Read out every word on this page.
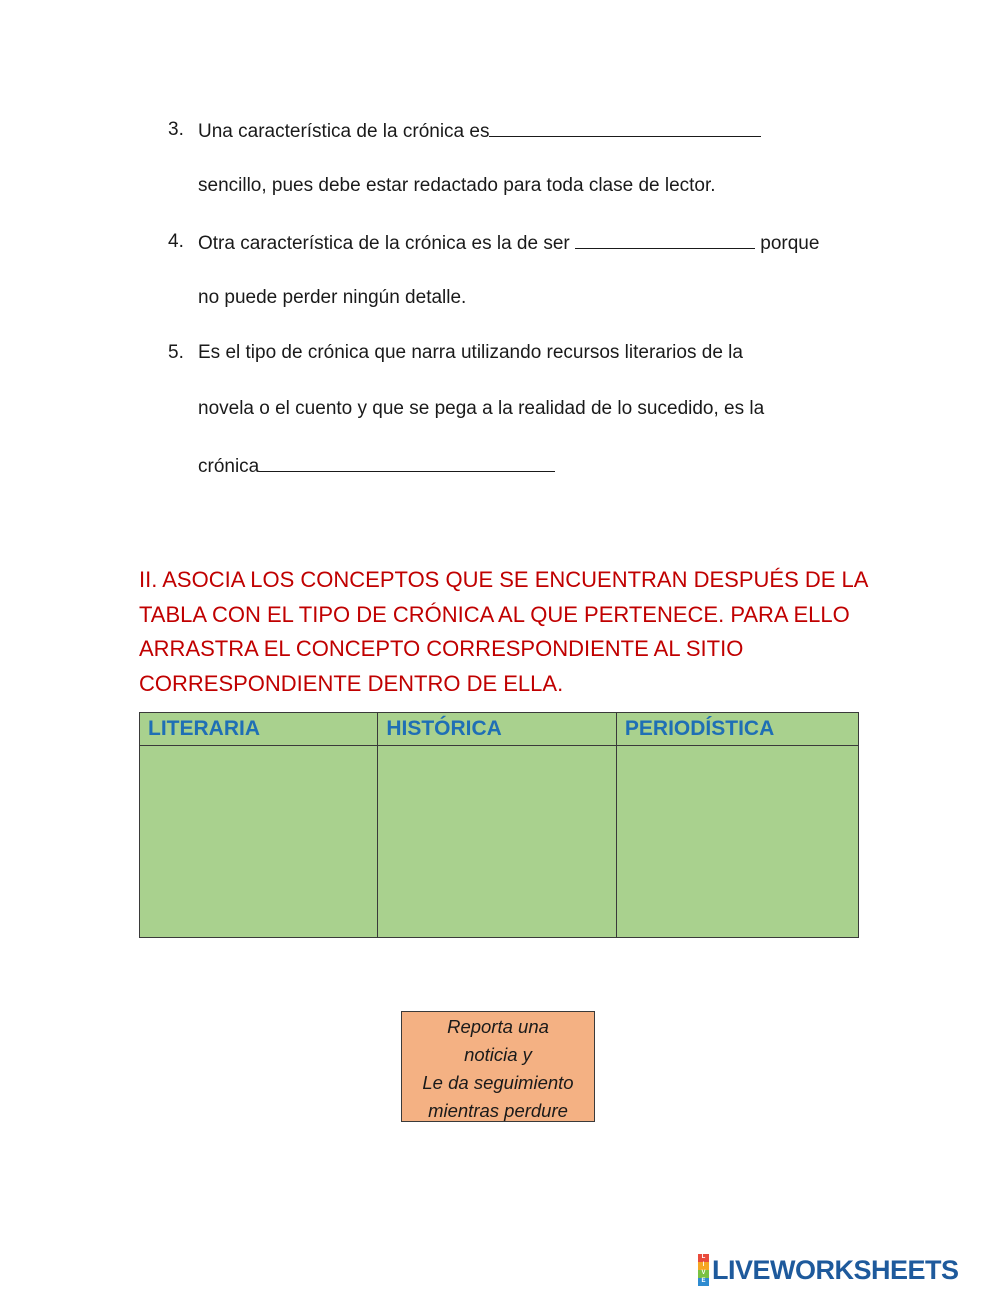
3. Una característica de la crónica es
sencillo, pues debe estar redactado para toda clase de lector.
4. Otra característica de la crónica es la de ser	porque
no puede perder ningún detalle.
5. Es el tipo de crónica que narra utilizando recursos literarios de la
novela o el cuento y que se pega a la realidad de lo sucedido, es la
crónica
II. ASOCIA LOS CONCEPTOS QUE SE ENCUENTRAN DESPUÉS DE LA
TABLA CON EL TIPO DE CRÓNICA AL QUE PERTENECE. PARA ELLO
ARRASTRA EL CONCEPTO CORRESPONDIENTE AL SITIO
CORRESPONDIENTE DENTRO DE ELLA.
LITERARIA	HISTÓRICA	PERIODÍSTICA

Reporta una
noticia y
Le da seguimiento
mientras perdure
L
I
V
E LIVEWORKSHEETS
